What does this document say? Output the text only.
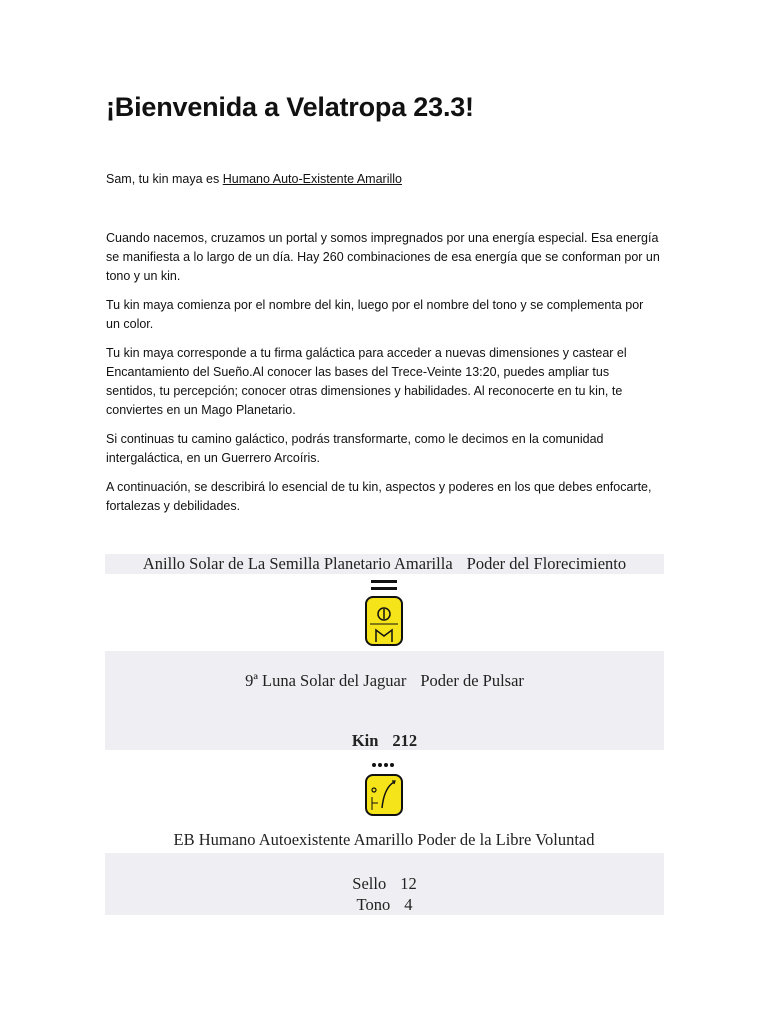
¡Bienvenida a Velatropa 23.3!
Sam, tu kin maya es Humano Auto-Existente Amarillo

Cuando nacemos, cruzamos un portal y somos impregnados por una energía especial. Esa energía se manifiesta a lo largo de un día. Hay 260 combinaciones de esa energía que se conforman por un tono y un kin.

Tu kin maya comienza por el nombre del kin, luego por el nombre del tono y se complementa por un color.

Tu kin maya corresponde a tu firma galáctica para acceder a nuevas dimensiones y castear el Encantamiento del Sueño.Al conocer las bases del Trece-Veinte 13:20, puedes ampliar tus sentidos, tu percepción; conocer otras dimensiones y habilidades. Al reconocerte en tu kin, te conviertes en un Mago Planetario.

Si continuas tu camino galáctico, podrás transformarte, como le decimos en la comunidad intergaláctica, en un Guerrero Arcoíris.

A continuación, se describirá lo esencial de tu kin, aspectos y poderes en los que debes enfocarte, fortalezas y debilidades.

Anillo Solar de La Semilla Planetario Amarilla Poder del Florecimiento
9ª Luna Solar del Jaguar Poder de Pulsar
Kin 212
EB Humano Autoexistente Amarillo Poder de la Libre Voluntad
Sello 12
Tono 4
